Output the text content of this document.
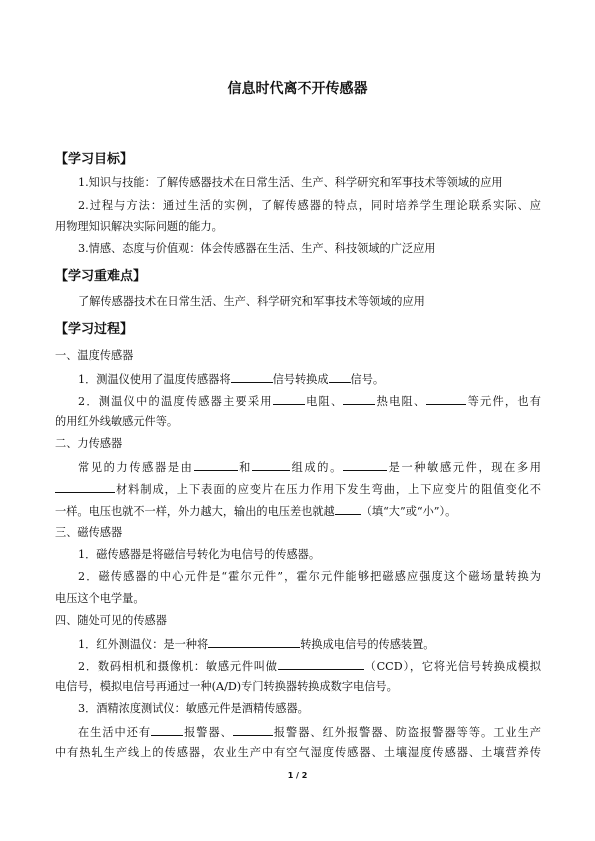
信息时代离不开传感器
【学习目标】
1.知识与技能：了解传感器技术在日常生活、生产、科学研究和军事技术等领域的应用
2.过程与方法：通过生活的实例，了解传感器的特点，同时培养学生理论联系实际、应
用物理知识解决实际问题的能力。
3.情感、态度与价值观：体会传感器在生活、生产、科技领域的广泛应用
【学习重难点】
了解传感器技术在日常生活、生产、科学研究和军事技术等领域的应用
【学习过程】
一、温度传感器
1．测温仪使用了温度传感器将	信号转换成 信号。
2．测温仪中的温度传感器主要采用	电阻、	热电阻、	等元件，也有
的用红外线敏感元件等。
二、力传感器
常见的力传感器是由	和	组成的。	是一种敏感元件，现在多用
材料制成，上下表面的应变片在压力作用下发生弯曲，上下应变片的阻值变化不
一样。电压也就不一样，外力越大，输出的电压差也就越 （填“大”或“小”）。
三、磁传感器
1．磁传感器是将磁信号转化为电信号的传感器。
2．磁传感器的中心元件是“霍尔元件”，霍尔元件能够把磁感应强度这个磁场量转换为
电压这个电学量。
四、随处可见的传感器
1．红外测温仪：是一种将	转换成电信号的传感装置。
2．数码相机和摄像机：敏感元件叫做	（CCD），它将光信号转换成模拟
电信号，模拟电信号再通过一种(A/D)专门转换器转换成数字电信号。
3．酒精浓度测试仪：敏感元件是酒精传感器。
在生活中还有	报警器、	报警器、红外报警器、防盗报警器等等。工业生产
中有热轧生产线上的传感器，农业生产中有空气湿度传感器、土壤湿度传感器、土壤营养传
1 / 2
